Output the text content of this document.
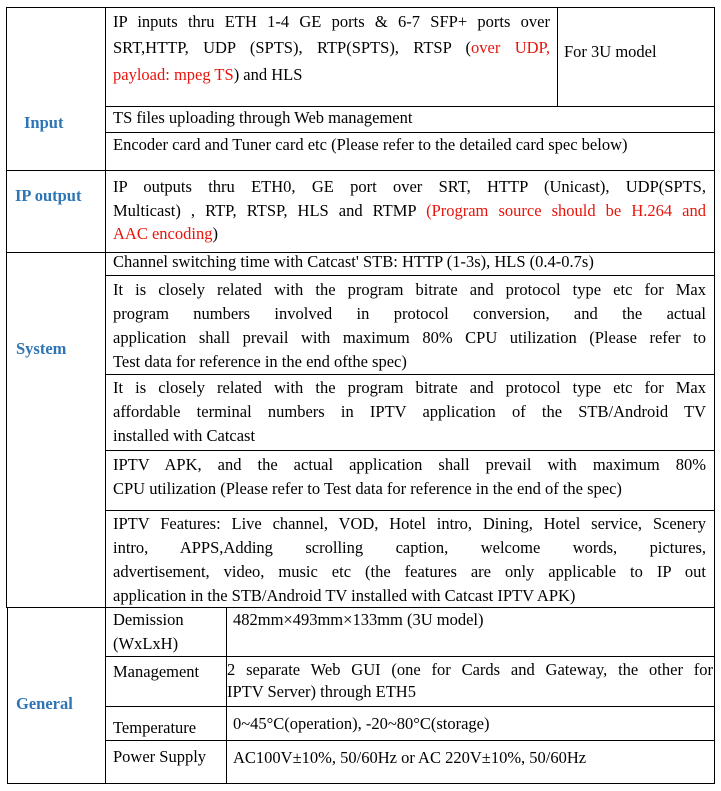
Input
IP output
System
General
IP inputs thru ETH 1-4 GE ports & 6-7 SFP+ ports over
SRT,HTTP, UDP (SPTS), RTP(SPTS), RTSP (over UDP,
payload: mpeg TS) and HLS
For 3U model
TS files uploading through Web management
Encoder card and Tuner card etc (Please refer to the detailed card spec below)
IP outputs thru ETH0, GE port over SRT, HTTP (Unicast), UDP(SPTS,
Multicast) , RTP, RTSP, HLS and RTMP (Program source should be H.264 and
AAC encoding)
Channel switching time with Catcast' STB: HTTP (1-3s), HLS (0.4-0.7s)
It is closely related with the program bitrate and protocol type etc for Max
program numbers involved in protocol conversion, and the actual
application shall prevail with maximum 80% CPU utilization (Please refer to
Test data for reference in the end ofthe spec)
It is closely related with the program bitrate and protocol type etc for Max
affordable terminal numbers in IPTV application of the STB/Android TV
installed with Catcast
IPTV APK, and the actual application shall prevail with maximum 80%
CPU utilization (Please refer to Test data for reference in the end of the spec)
IPTV Features: Live channel, VOD, Hotel intro, Dining, Hotel service, Scenery
intro, APPS,Adding scrolling caption, welcome words, pictures,
advertisement, video, music etc (the features are only applicable to IP out
application in the STB/Android TV installed with Catcast IPTV APK)
Demission
(WxLxH)
482mm×493mm×133mm (3U model)
Management 2 separate Web GUI (one for Cards and Gateway, the other for
IPTV Server) through ETH5
Temperature 0~45°C(operation), -20~80°C(storage)
Power Supply AC100V±10%, 50/60Hz or AC 220V±10%, 50/60Hz
